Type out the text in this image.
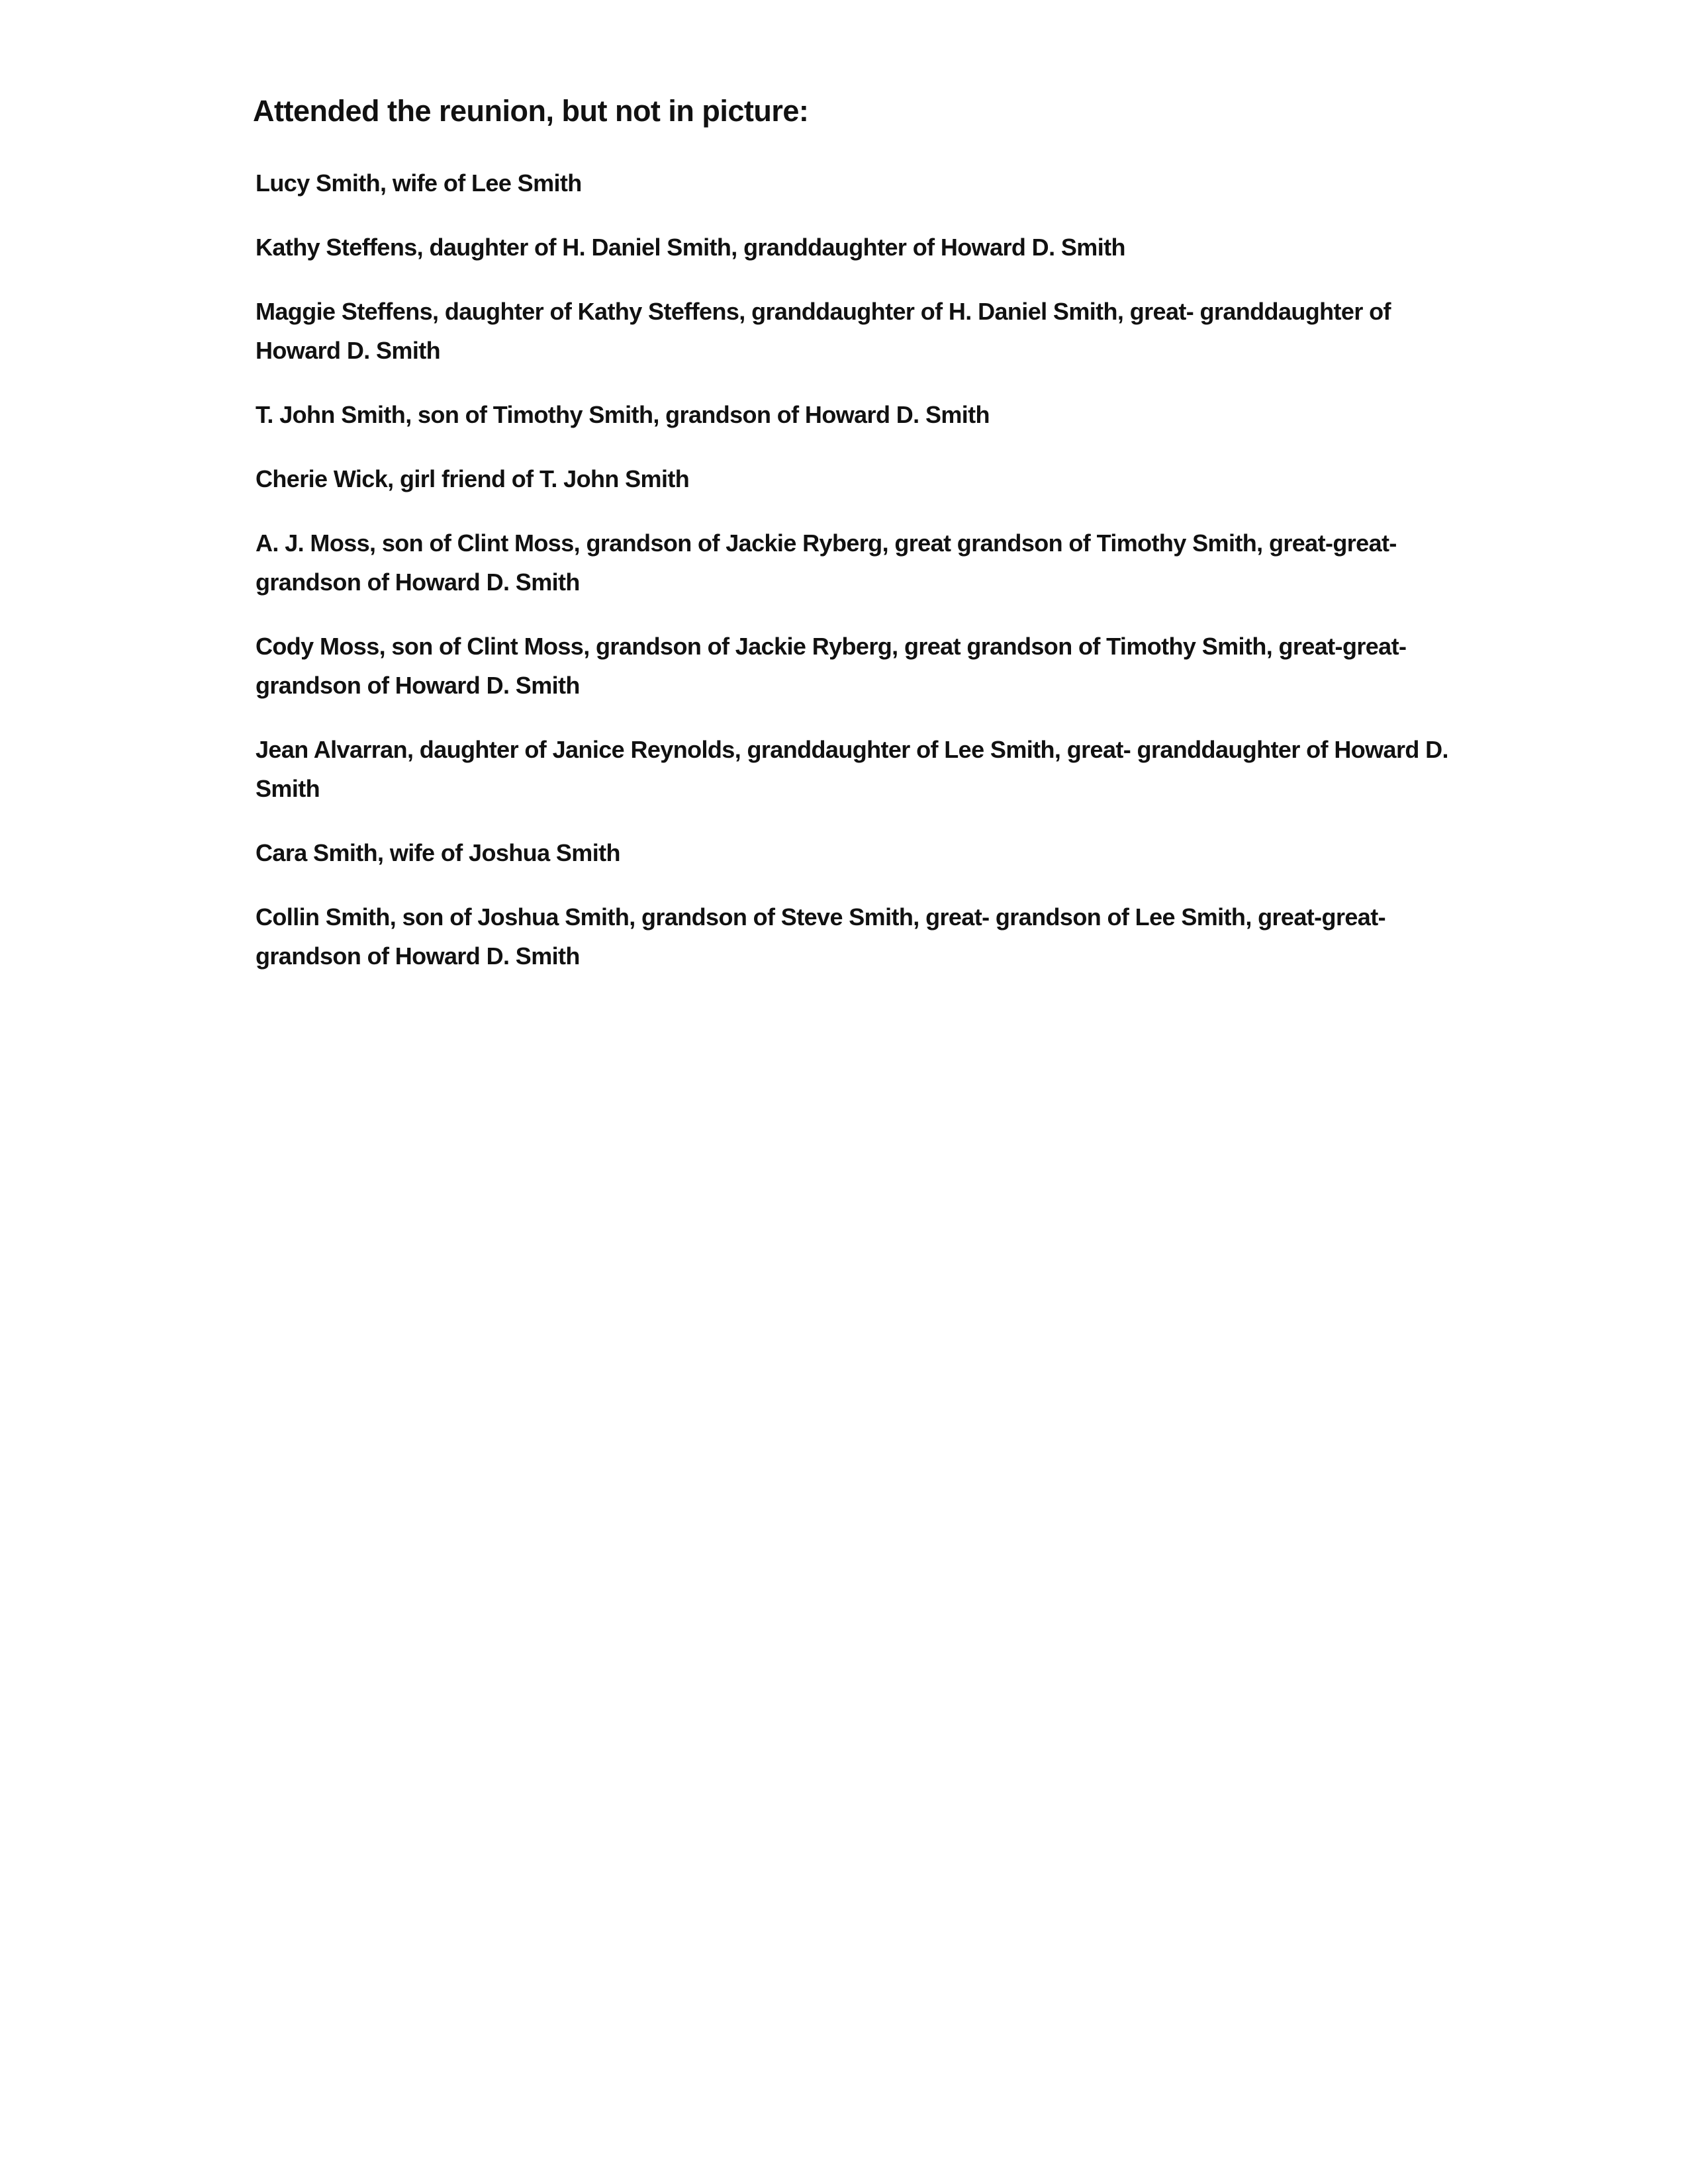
Attended the reunion, but not in picture:
Lucy Smith, wife of Lee Smith
Kathy Steffens, daughter of H. Daniel Smith, granddaughter of Howard D. Smith
Maggie Steffens, daughter of Kathy Steffens, granddaughter of H. Daniel Smith, great- granddaughter of Howard D. Smith
T. John Smith, son of Timothy Smith, grandson of Howard D. Smith
Cherie Wick, girl friend of T. John Smith
A. J. Moss, son of Clint Moss, grandson of Jackie Ryberg, great grandson of Timothy Smith, great-great-grandson of Howard D. Smith
Cody Moss, son of Clint Moss, grandson of Jackie Ryberg, great grandson of Timothy Smith, great-great-grandson of Howard D. Smith
Jean Alvarran, daughter of Janice Reynolds, granddaughter of Lee Smith, great- granddaughter of Howard D. Smith
Cara Smith, wife of Joshua Smith
Collin Smith, son of Joshua Smith, grandson of Steve Smith, great- grandson of Lee Smith, great-great-grandson of Howard D. Smith
